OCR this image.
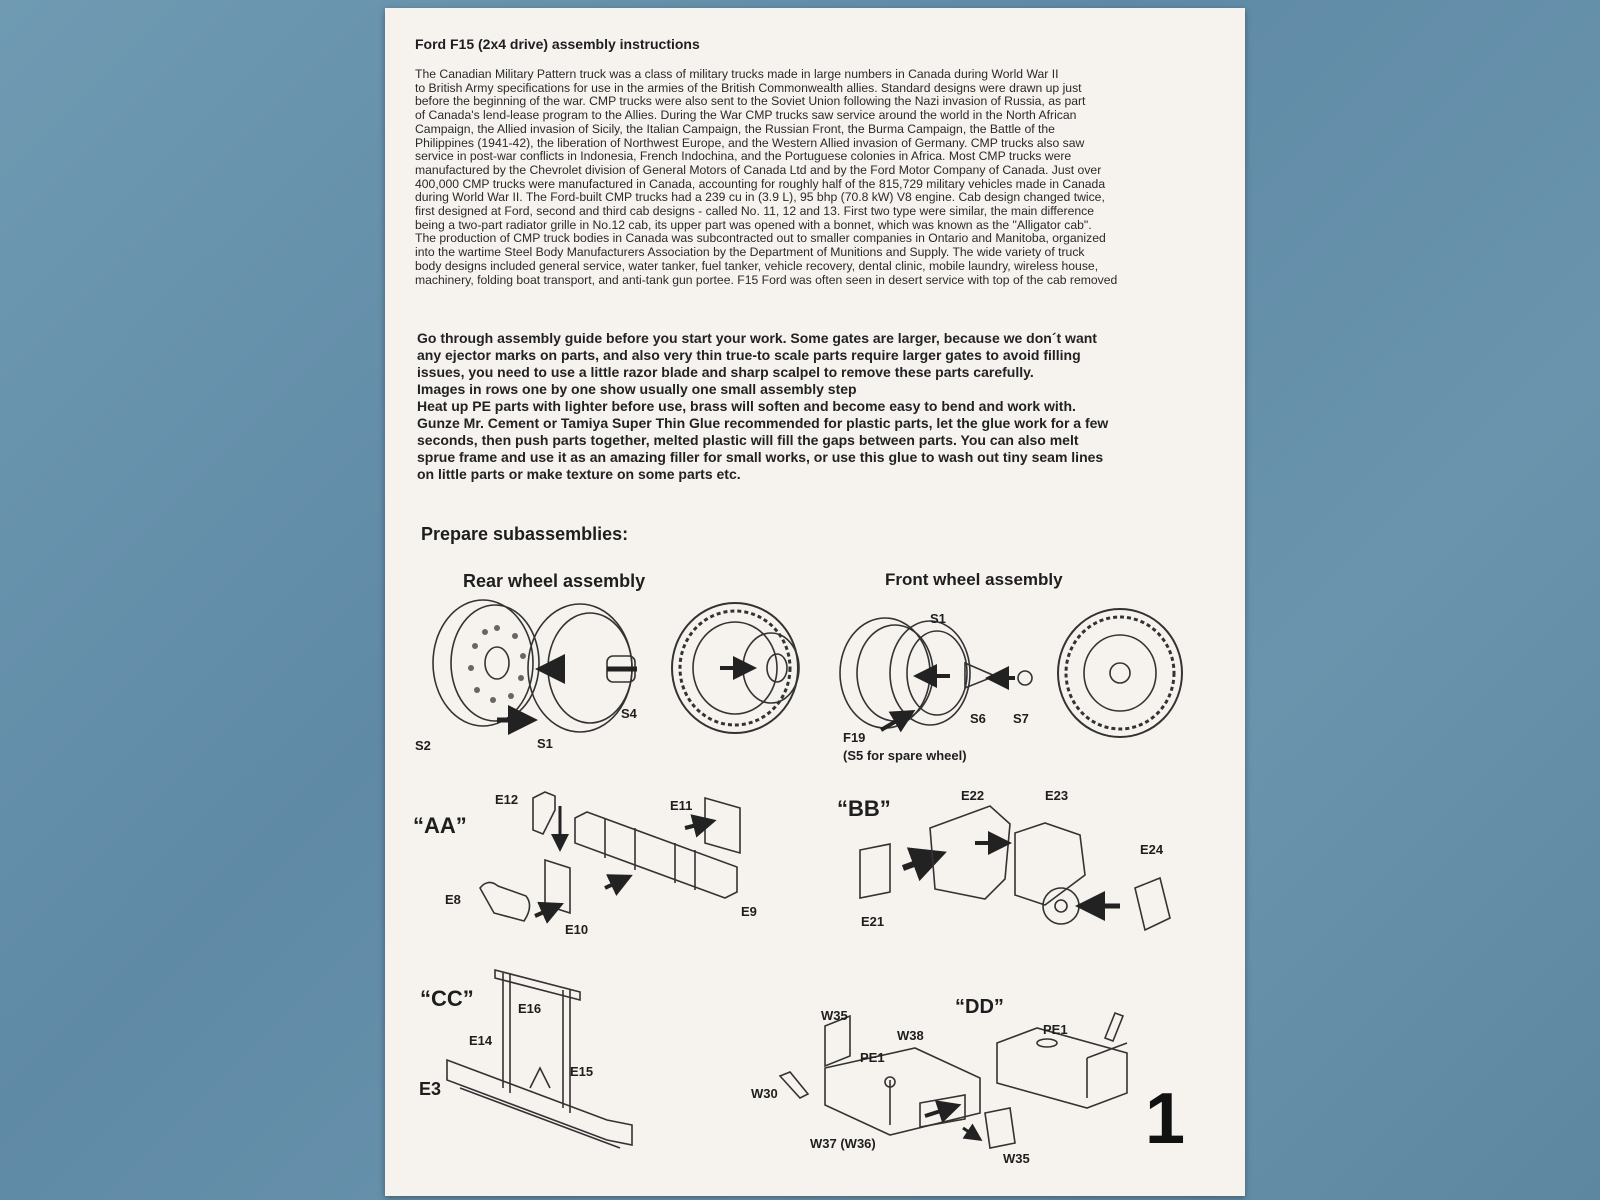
Ford F15 (2x4 drive) assembly instructions
The Canadian Military Pattern truck was a class of military trucks made in large numbers in Canada during World War II
to British Army specifications for use in the armies of the British Commonwealth allies. Standard designs were drawn up just
before the beginning of the war. CMP trucks were also sent to the Soviet Union following the Nazi invasion of Russia, as part
of Canada's lend-lease program to the Allies. During the War CMP trucks saw service around the world in the North African
Campaign, the Allied invasion of Sicily, the Italian Campaign, the Russian Front, the Burma Campaign, the Battle of the
Philippines (1941-42), the liberation of Northwest Europe, and the Western Allied invasion of Germany. CMP trucks also saw
service in post-war conflicts in Indonesia, French Indochina, and the Portuguese colonies in Africa. Most CMP trucks were
manufactured by the Chevrolet division of General Motors of Canada Ltd and by the Ford Motor Company of Canada. Just over
400,000 CMP trucks were manufactured in Canada, accounting for roughly half of the 815,729 military vehicles made in Canada
during World War II. The Ford-built CMP trucks had a 239 cu in (3.9 L), 95 bhp (70.8 kW) V8 engine. Cab design changed twice,
first designed at Ford, second and third cab designs - called No. 11, 12 and 13. First two type were similar, the main difference
being a two-part radiator grille in No.12 cab, its upper part was opened with a bonnet, which was known as the "Alligator cab".
The production of CMP truck bodies in Canada was subcontracted out to smaller companies in Ontario and Manitoba, organized
into the wartime Steel Body Manufacturers Association by the Department of Munitions and Supply. The wide variety of truck
body designs included general service, water tanker, fuel tanker, vehicle recovery, dental clinic, mobile laundry, wireless house,
machinery, folding boat transport, and anti-tank gun portee. F15 Ford was often seen in desert service with top of the cab removed
Go through assembly guide before you start your work. Some gates are larger, because we don´t want
any ejector marks on parts, and also very thin true-to scale parts require larger gates to avoid filling
issues, you need to use a little razor blade and sharp scalpel to remove these parts carefully.
Images in rows one by one show usually one small assembly step
Heat up PE parts with lighter before use, brass will soften and become easy to bend and work with.
Gunze Mr. Cement or Tamiya Super Thin Glue recommended for plastic parts, let the glue work for a few
seconds, then push parts together, melted plastic will fill the gaps between parts. You can also melt
sprue frame and use it as an amazing filler for small works, or use this glue to wash out tiny seam lines
on little parts or make texture on some parts etc.
Prepare subassemblies:
Rear wheel assembly	Front wheel assembly
S2	S1
S4
S1
S6 S7
F19
(S5 for spare wheel)
“AA”
E12	E11
E8
E10
E9
“BB”
E22	E23
E24
E21
“CC”	E16
E14
E15
E3
“DD”
W35
W38
PE1
PE1
W30
W37 (W36)
W35 1
